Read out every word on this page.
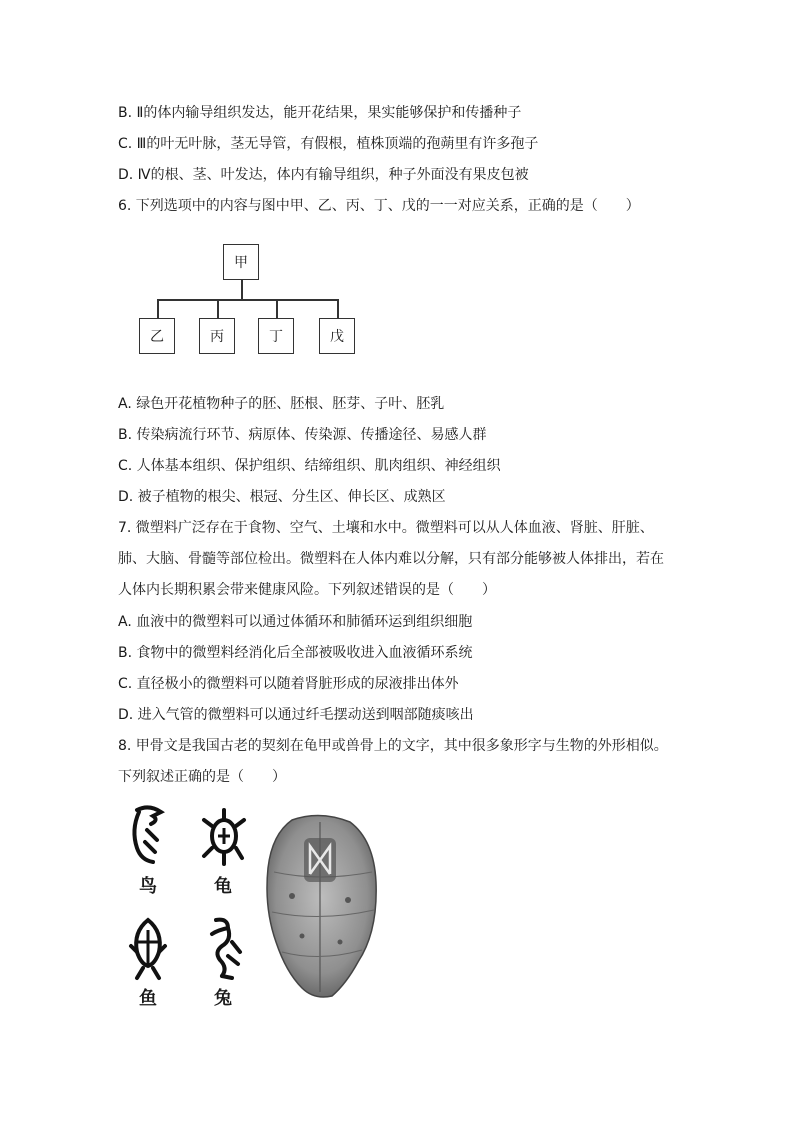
B. Ⅱ的体内输导组织发达，能开花结果，果实能够保护和传播种子
C. Ⅲ的叶无叶脉，茎无导管，有假根，植株顶端的孢蒴里有许多孢子
D. Ⅳ的根、茎、叶发达，体内有输导组织，种子外面没有果皮包被
6. 下列选项中的内容与图中甲、乙、丙、丁、戊的一一对应关系，正确的是（　　）
甲
乙	丙	丁	戊
A. 绿色开花植物种子的胚、胚根、胚芽、子叶、胚乳
B. 传染病流行环节、病原体、传染源、传播途径、易感人群
C. 人体基本组织、保护组织、结缔组织、肌肉组织、神经组织
D. 被子植物的根尖、根冠、分生区、伸长区、成熟区
7. 微塑料广泛存在于食物、空气、土壤和水中。微塑料可以从人体血液、肾脏、肝脏、
肺、大脑、骨髓等部位检出。微塑料在人体内难以分解，只有部分能够被人体排出，若在
人体内长期积累会带来健康风险。下列叙述错误的是（　　）
A. 血液中的微塑料可以通过体循环和肺循环运到组织细胞
B. 食物中的微塑料经消化后全部被吸收进入血液循环系统
C. 直径极小的微塑料可以随着肾脏形成的尿液排出体外
D. 进入气管的微塑料可以通过纤毛摆动送到咽部随痰咳出
8. 甲骨文是我国古老的契刻在龟甲或兽骨上的文字，其中很多象形字与生物的外形相似。
下列叙述正确的是（　　）
鸟	龟
鱼	兔
